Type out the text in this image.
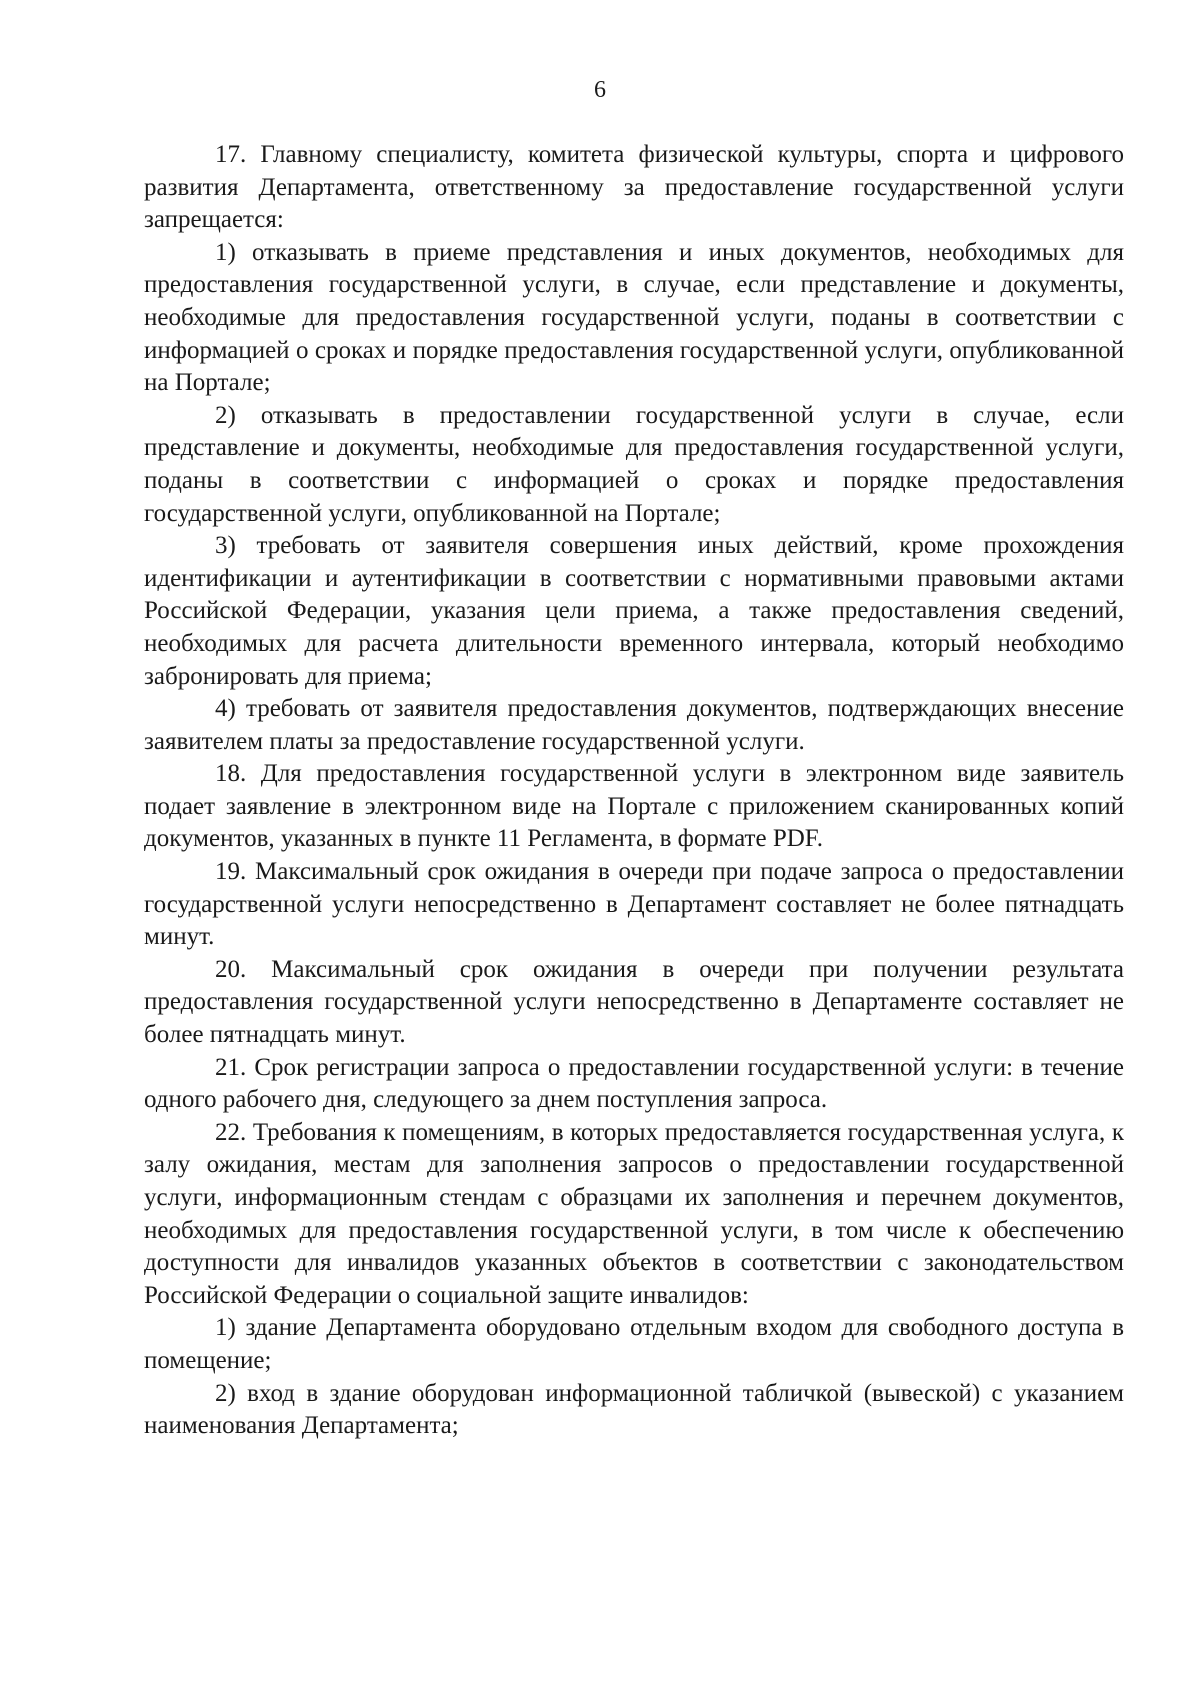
6

17. Главному специалисту, комитета физической культуры, спорта и цифрового развития Департамента, ответственному за предоставление государственной услуги запрещается:

1) отказывать в приеме представления и иных документов, необходимых для предоставления государственной услуги, в случае, если представление и документы, необходимые для предоставления государственной услуги, поданы в соответствии с информацией о сроках и порядке предоставления государственной услуги, опубликованной на Портале;

2) отказывать в предоставлении государственной услуги в случае, если представление и документы, необходимые для предоставления государственной услуги, поданы в соответствии с информацией о сроках и порядке предоставления государственной услуги, опубликованной на Портале;

3) требовать от заявителя совершения иных действий, кроме прохождения идентификации и аутентификации в соответствии с нормативными правовыми актами Российской Федерации, указания цели приема, а также предоставления сведений, необходимых для расчета длительности временного интервала, который необходимо забронировать для приема;

4) требовать от заявителя предоставления документов, подтверждающих внесение заявителем платы за предоставление государственной услуги.

18. Для предоставления государственной услуги в электронном виде заявитель подает заявление в электронном виде на Портале с приложением сканированных копий документов, указанных в пункте 11 Регламента, в формате PDF.

19. Максимальный срок ожидания в очереди при подаче запроса о предоставлении государственной услуги непосредственно в Департамент составляет не более пятнадцать минут.

20. Максимальный срок ожидания в очереди при получении результата предоставления государственной услуги непосредственно в Департаменте составляет не более пятнадцать минут.

21. Срок регистрации запроса о предоставлении государственной услуги: в течение одного рабочего дня, следующего за днем поступления запроса.

22. Требования к помещениям, в которых предоставляется государственная услуга, к залу ожидания, местам для заполнения запросов о предоставлении государственной услуги, информационным стендам с образцами их заполнения и перечнем документов, необходимых для предоставления государственной услуги, в том числе к обеспечению доступности для инвалидов указанных объектов в соответствии с законодательством Российской Федерации о социальной защите инвалидов:

1) здание Департамента оборудовано отдельным входом для свободного доступа в помещение;

2) вход в здание оборудован информационной табличкой (вывеской) с указанием наименования Департамента;
